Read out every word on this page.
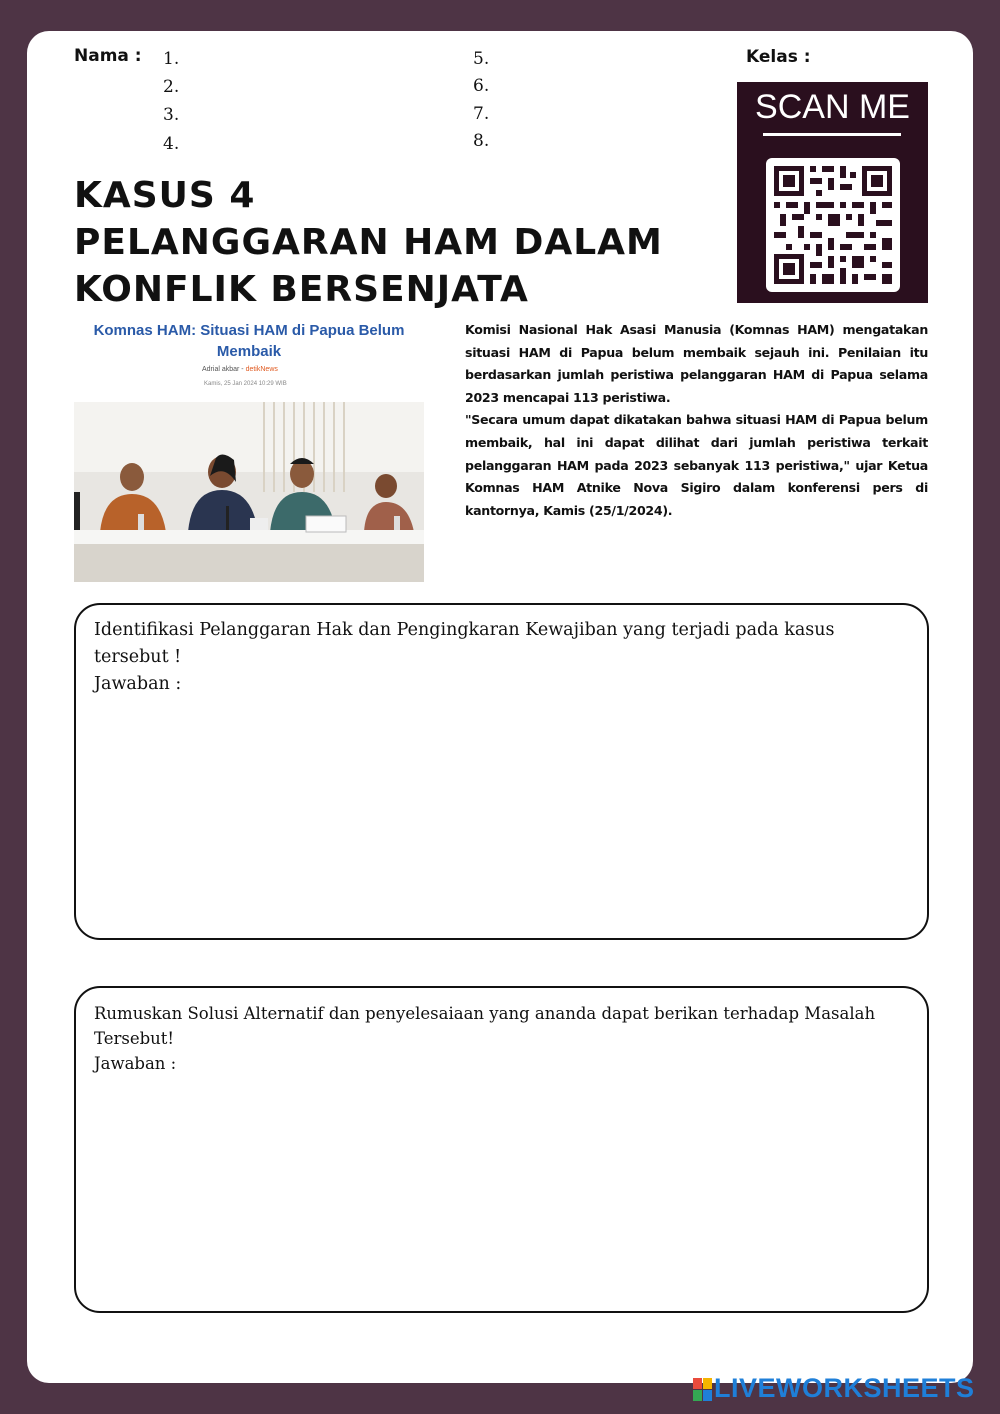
Nama :	Kelas :
1.
2.
3.
4.
5.
6.
7.
8.
KASUS 4
PELANGGARAN HAM DALAM
KONFLIK BERSENJATA
SCAN ME
Komnas HAM: Situasi HAM di Papua Belum Membaik
Adrial akbar - detikNews
Kamis, 25 Jan 2024 10:29 WIB

Komisi Nasional Hak Asasi Manusia (Komnas HAM) mengatakan situasi HAM di Papua belum membaik sejauh ini. Penilaian itu berdasarkan jumlah peristiwa pelanggaran HAM di Papua selama 2023 mencapai 113 peristiwa.

"Secara umum dapat dikatakan bahwa situasi HAM di Papua belum membaik, hal ini dapat dilihat dari jumlah peristiwa terkait pelanggaran HAM pada 2023 sebanyak 113 peristiwa," ujar Ketua Komnas HAM Atnike Nova Sigiro dalam konferensi pers di kantornya, Kamis (25/1/2024).

Identifikasi Pelanggaran Hak dan Pengingkaran Kewajiban yang terjadi pada kasus tersebut !
Jawaban :
Rumuskan Solusi Alternatif dan penyelesaiaan yang ananda dapat berikan terhadap Masalah Tersebut!
Jawaban :
LIVEWORKSHEETS
